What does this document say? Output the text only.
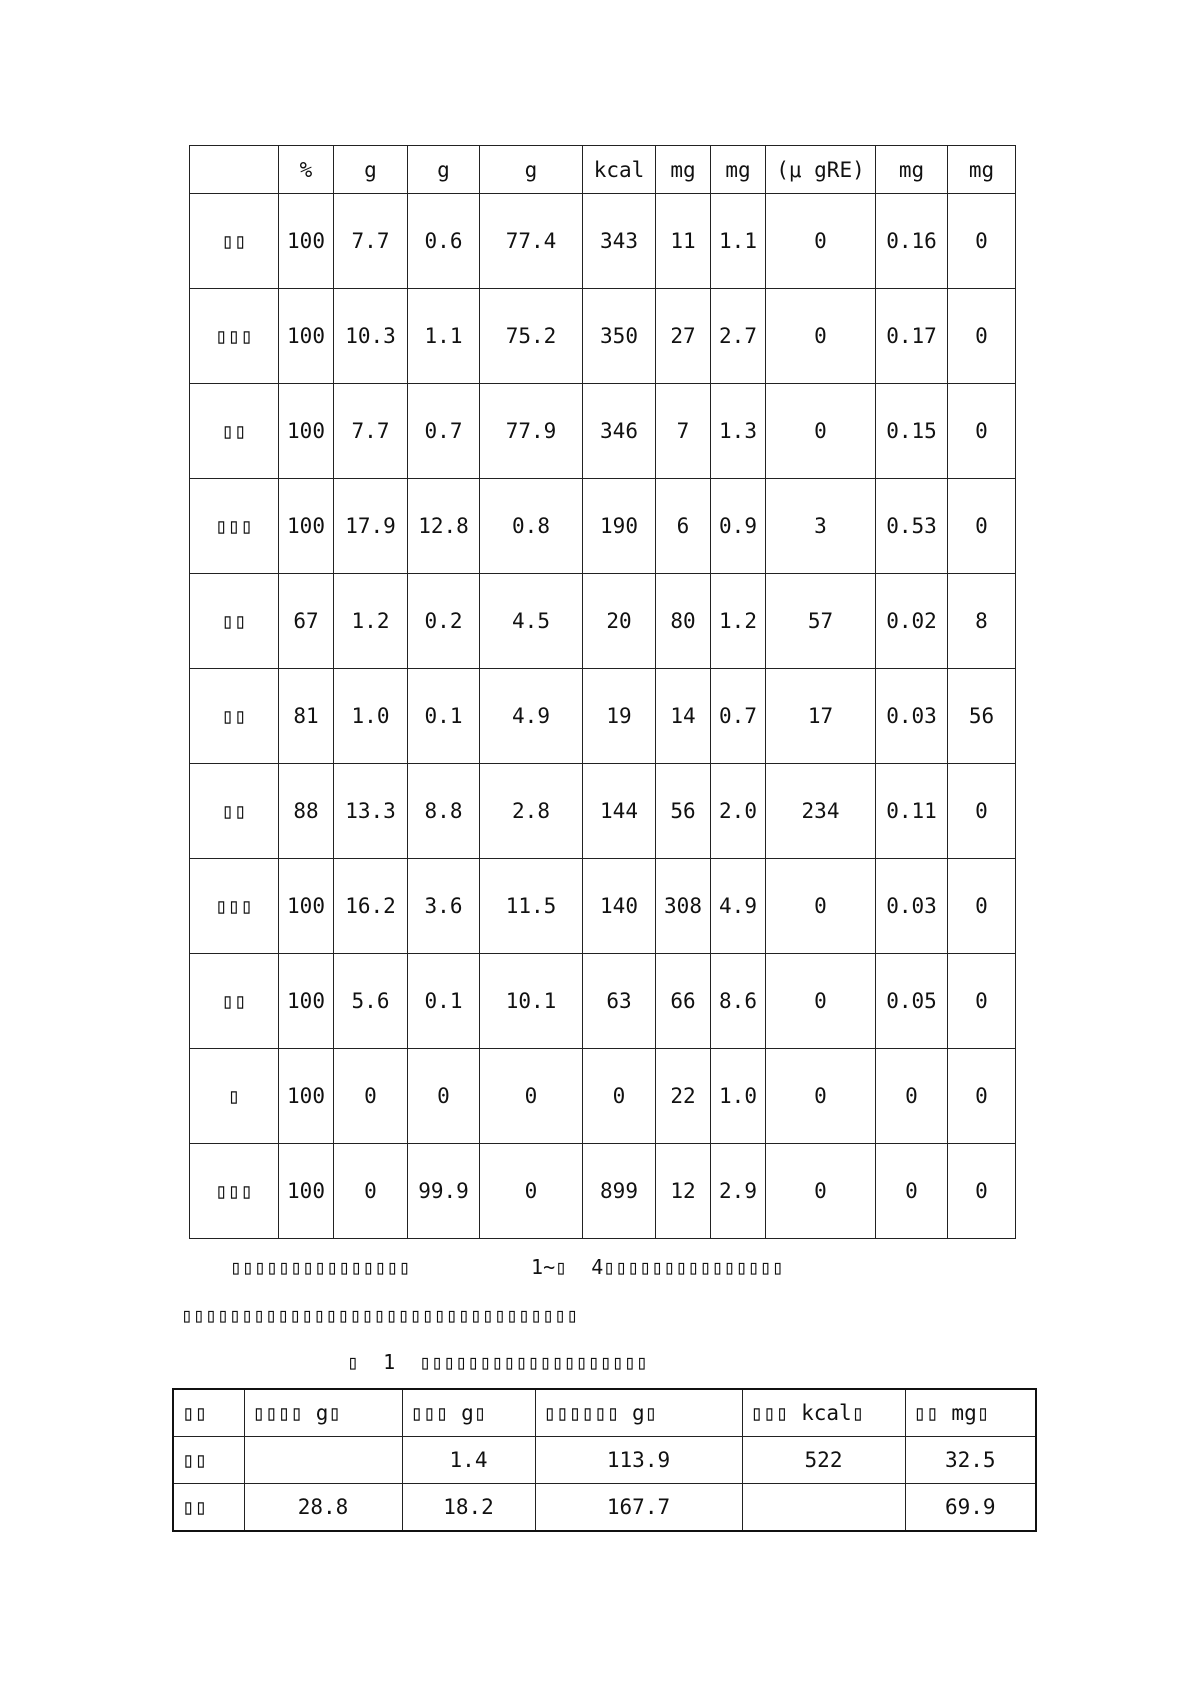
	%	g	g	g	kcal	mg	mg	(μ gRE)	mg	mg
▯▯	100	7.7	0.6	77.4	343	11	1.1	0	0.16	0
▯▯▯	100	10.3	1.1	75.2	350	27	2.7	0	0.17	0
▯▯	100	7.7	0.7	77.9	346	7	1.3	0	0.15	0
▯▯▯	100	17.9	12.8	0.8	190	6	0.9	3	0.53	0
▯▯	67	1.2	0.2	4.5	20	80	1.2	57	0.02	8
▯▯	81	1.0	0.1	4.9	19	14	0.7	17	0.03	56
▯▯	88	13.3	8.8	2.8	144	56	2.0	234	0.11	0
▯▯▯	100	16.2	3.6	11.5	140	308	4.9	0	0.03	0
▯▯	100	5.6	0.1	10.1	63	66	8.6	0	0.05	0
▯	100	0	0	0	0	22	1.0	0	0	0
▯▯▯	100	0	99.9	0	899	12	2.9	0	0	0
▯▯▯▯▯▯▯▯▯▯▯▯▯▯▯          1~▯  4▯▯▯▯▯▯▯▯▯▯▯▯▯▯▯
▯▯▯▯▯▯▯▯▯▯▯▯▯▯▯▯▯▯▯▯▯▯▯▯▯▯▯▯▯▯▯▯▯
▯  1  ▯▯▯▯▯▯▯▯▯▯▯▯▯▯▯▯▯▯▯
▯▯	▯▯▯▯ g▯	▯▯▯ g▯	▯▯▯▯▯▯ g▯	▯▯▯ kcal▯	▯▯ mg▯
▯▯		1.4	113.9	522	32.5
▯▯	28.8	18.2	167.7		69.9
